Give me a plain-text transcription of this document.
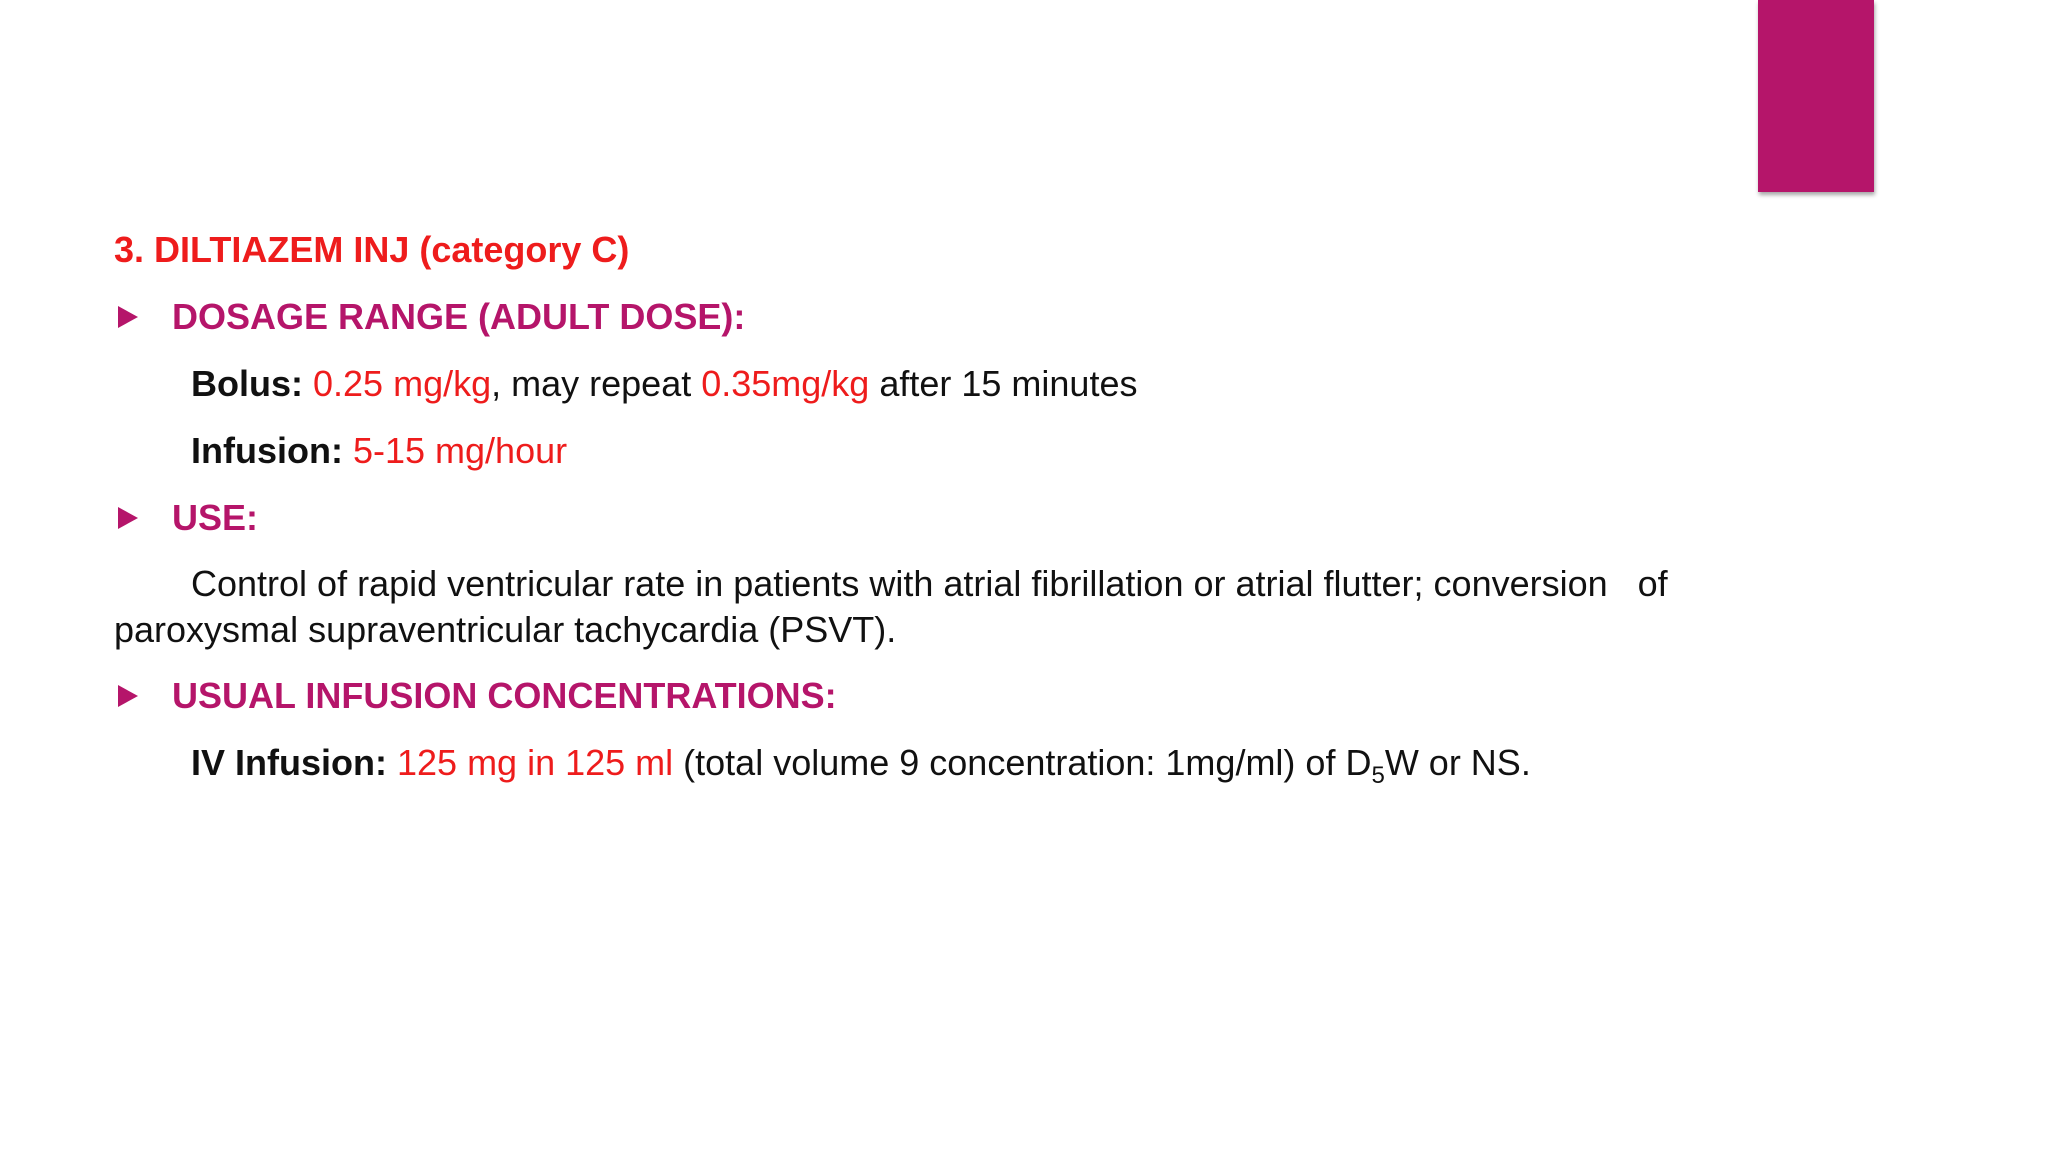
3. DILTIAZEM INJ (category C)
DOSAGE RANGE (ADULT DOSE):
Bolus: 0.25 mg/kg, may repeat 0.35mg/kg after 15 minutes
Infusion: 5-15 mg/hour
USE:
Control of rapid ventricular rate in patients with atrial fibrillation or atrial flutter; conversion   of paroxysmal supraventricular tachycardia (PSVT).
USUAL INFUSION CONCENTRATIONS:
IV Infusion: 125 mg in 125 ml (total volume 9 concentration: 1mg/ml) of $D_5W$ or NS.
